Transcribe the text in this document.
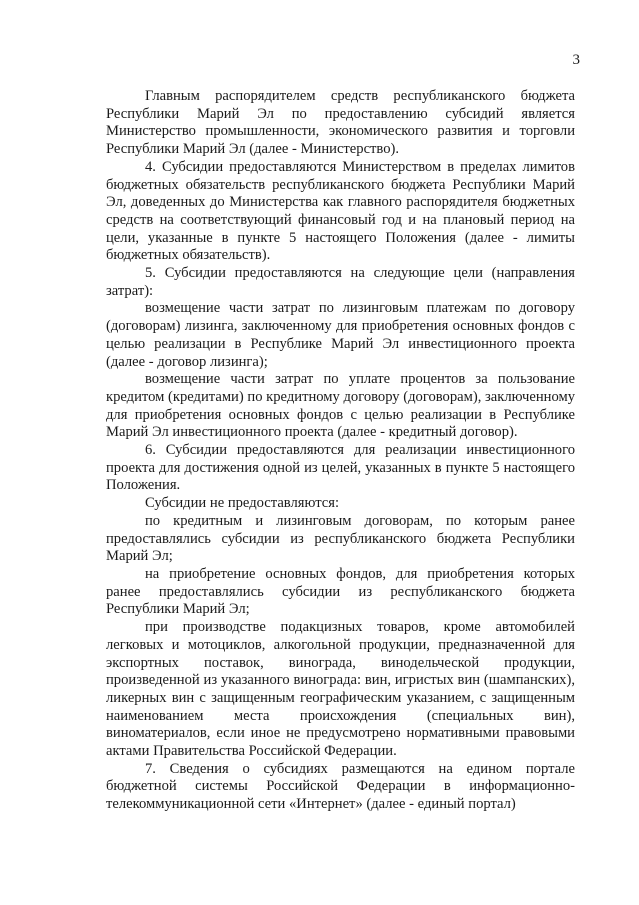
3

Главным распорядителем средств республиканского бюджета Республики Марий Эл по предоставлению субсидий является Министерство промышленности, экономического развития и торговли Республики Марий Эл (далее - Министерство).

4. Субсидии предоставляются Министерством в пределах лимитов бюджетных обязательств республиканского бюджета Республики Марий Эл, доведенных до Министерства как главного распорядителя бюджетных средств на соответствующий финансовый год и на плановый период на цели, указанные в пункте 5 настоящего Положения (далее - лимиты бюджетных обязательств).

5. Субсидии предоставляются на следующие цели (направления затрат):

возмещение части затрат по лизинговым платежам по договору (договорам) лизинга, заключенному для приобретения основных фондов с целью реализации в Республике Марий Эл инвестиционного проекта (далее - договор лизинга);

возмещение части затрат по уплате процентов за пользование кредитом (кредитами) по кредитному договору (договорам), заключенному для приобретения основных фондов с целью реализации в Республике Марий Эл инвестиционного проекта (далее - кредитный договор).

6. Субсидии предоставляются для реализации инвестиционного проекта для достижения одной из целей, указанных в пункте 5 настоящего Положения.

Субсидии не предоставляются:

по кредитным и лизинговым договорам, по которым ранее предоставлялись субсидии из республиканского бюджета Республики Марий Эл;

на приобретение основных фондов, для приобретения которых ранее предоставлялись субсидии из республиканского бюджета Республики Марий Эл;

при производстве подакцизных товаров, кроме автомобилей легковых и мотоциклов, алкогольной продукции, предназначенной для экспортных поставок, винограда, винодельческой продукции, произведенной из указанного винограда: вин, игристых вин (шампанских), ликерных вин с защищенным географическим указанием, с защищенным наименованием места происхождения (специальных вин), виноматериалов, если иное не предусмотрено нормативными правовыми актами Правительства Российской Федерации.

7. Сведения о субсидиях размещаются на едином портале бюджетной системы Российской Федерации в информационно-телекоммуникационной сети «Интернет» (далее - единый портал)
